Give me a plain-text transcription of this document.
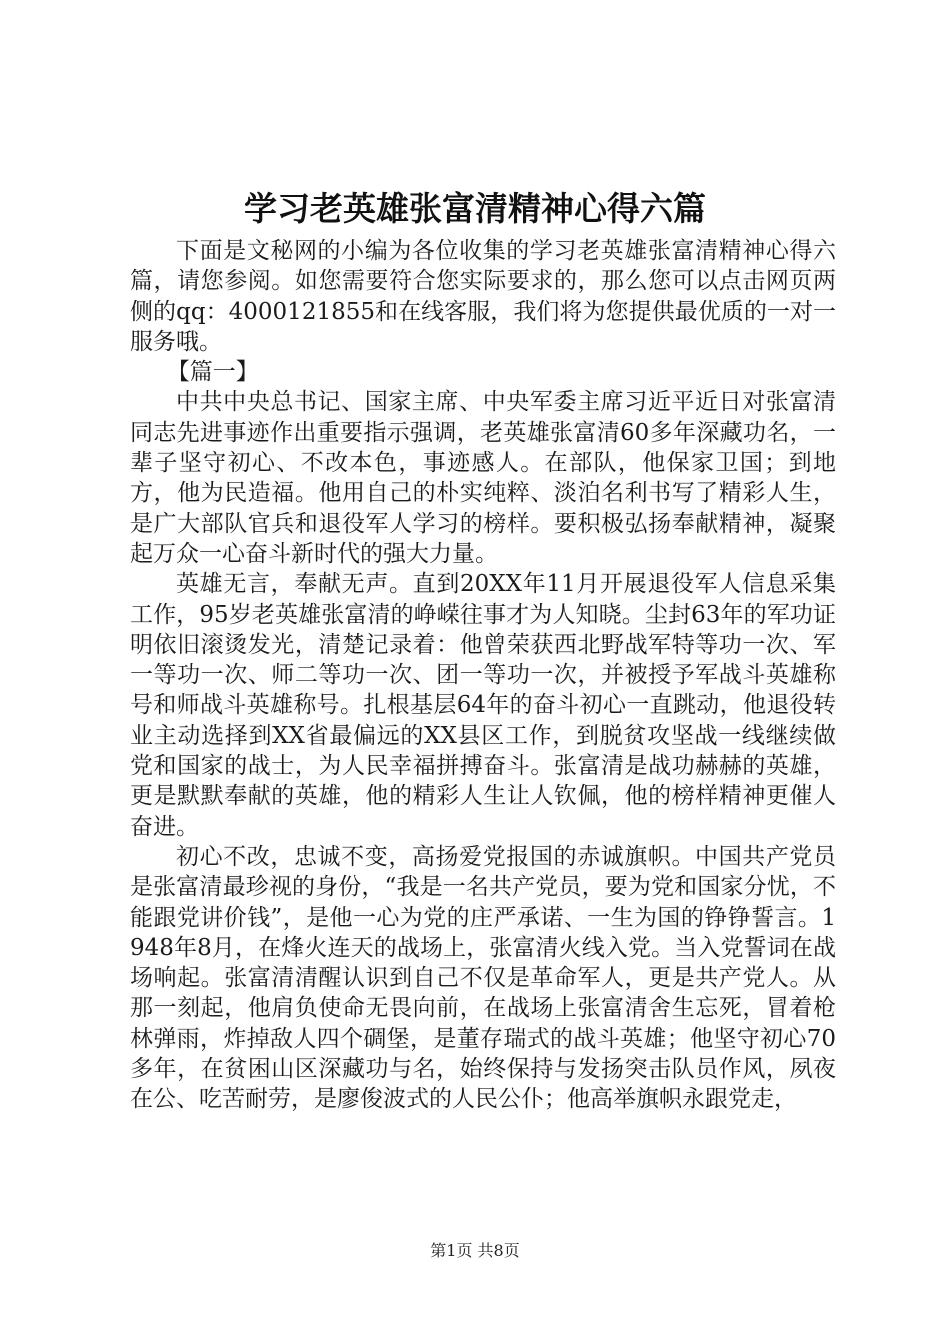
学习老英雄张富清精神心得六篇

下面是文秘网的小编为各位收集的学习老英雄张富清精神心得六篇，请您参阅。如您需要符合您实际要求的，那么您可以点击网页两侧的qq：4000121855和在线客服，我们将为您提供最优质的一对一服务哦。

【篇一】

中共中央总书记、国家主席、中央军委主席习近平近日对张富清同志先进事迹作出重要指示强调，老英雄张富清60多年深藏功名，一辈子坚守初心、不改本色，事迹感人。在部队，他保家卫国；到地方，他为民造福。他用自己的朴实纯粹、淡泊名利书写了精彩人生，是广大部队官兵和退役军人学习的榜样。要积极弘扬奉献精神，凝聚起万众一心奋斗新时代的强大力量。

英雄无言，奉献无声。直到20XX年11月开展退役军人信息采集工作，95岁老英雄张富清的峥嵘往事才为人知晓。尘封63年的军功证明依旧滚烫发光，清楚记录着：他曾荣获西北野战军特等功一次、军一等功一次、师二等功一次、团一等功一次，并被授予军战斗英雄称号和师战斗英雄称号。扎根基层64年的奋斗初心一直跳动，他退役转业主动选择到XX省最偏远的XX县区工作，到脱贫攻坚战一线继续做党和国家的战士，为人民幸福拼搏奋斗。张富清是战功赫赫的英雄，更是默默奉献的英雄，他的精彩人生让人钦佩，他的榜样精神更催人奋进。

初心不改，忠诚不变，高扬爱党报国的赤诚旗帜。中国共产党员是张富清最珍视的身份，“我是一名共产党员，要为党和国家分忧，不能跟党讲价钱”，是他一心为党的庄严承诺、一生为国的铮铮誓言。1948年8月，在烽火连天的战场上，张富清火线入党。当入党誓词在战场响起。张富清清醒认识到自己不仅是革命军人，更是共产党人。从那一刻起，他肩负使命无畏向前，在战场上张富清舍生忘死，冒着枪林弹雨，炸掉敌人四个碉堡，是董存瑞式的战斗英雄；他坚守初心70多年，在贫困山区深藏功与名，始终保持与发扬突击队员作风，夙夜在公、吃苦耐劳，是廖俊波式的人民公仆；他高举旗帜永跟党走，

第1页 共8页
